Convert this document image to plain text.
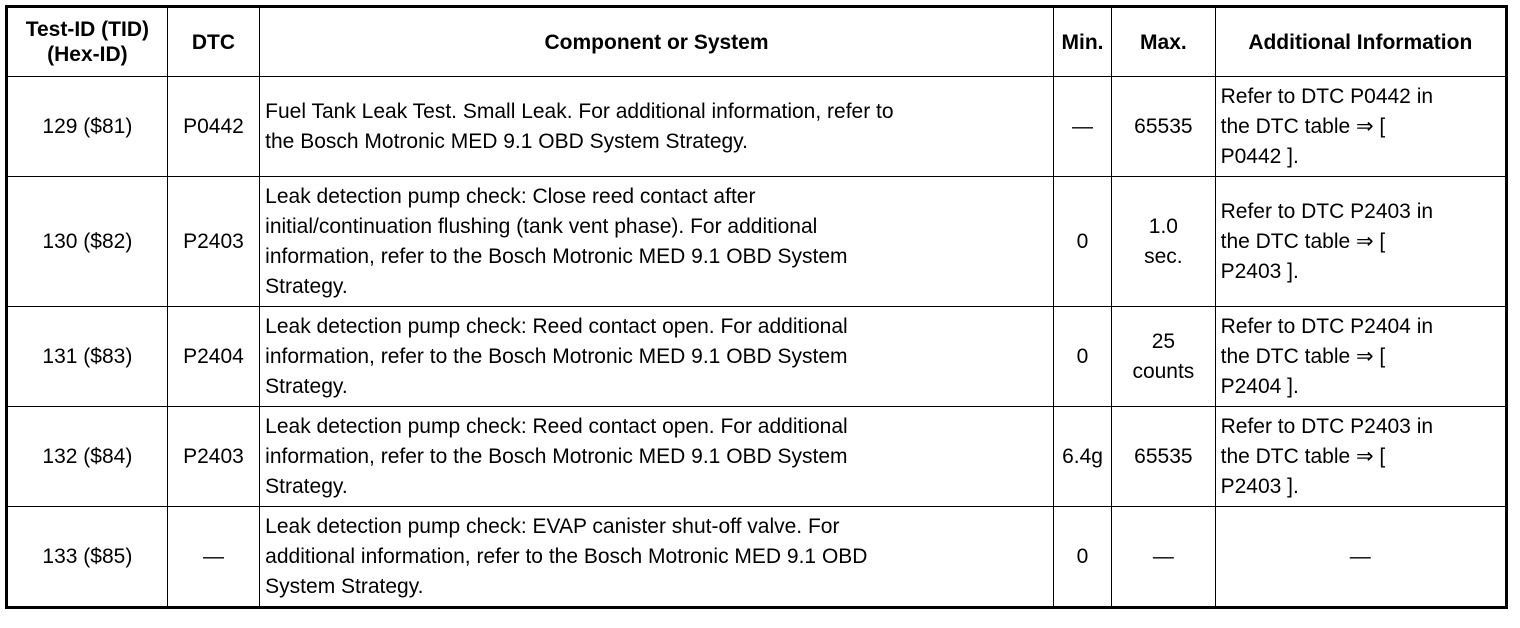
Test-ID (TID)
(Hex-ID)	DTC	Component or System	Min.	Max.	Additional Information
129 ($81)	P0442	Fuel Tank Leak Test. Small Leak. For additional information, refer to
the Bosch Motronic MED 9.1 OBD System Strategy.	—	65535	Refer to DTC P0442 in
the DTC table ⇒ [
P0442 ].

130 ($82)	P2403	Leak detection pump check: Close reed contact after
initial/continuation flushing (tank vent phase). For additional
information, refer to the Bosch Motronic MED 9.1 OBD System
Strategy.	0	1.0
sec.	Refer to DTC P2403 in
the DTC table ⇒ [
P2403 ].

131 ($83)	P2404	Leak detection pump check: Reed contact open. For additional
information, refer to the Bosch Motronic MED 9.1 OBD System
Strategy.	0	25
counts	Refer to DTC P2404 in
the DTC table ⇒ [
P2404 ].

132 ($84)	P2403	Leak detection pump check: Reed contact open. For additional
information, refer to the Bosch Motronic MED 9.1 OBD System
Strategy.	6.4g	65535	Refer to DTC P2403 in
the DTC table ⇒ [
P2403 ].

133 ($85)	—	Leak detection pump check: EVAP canister shut-off valve. For
additional information, refer to the Bosch Motronic MED 9.1 OBD
System Strategy.	0	—	—
